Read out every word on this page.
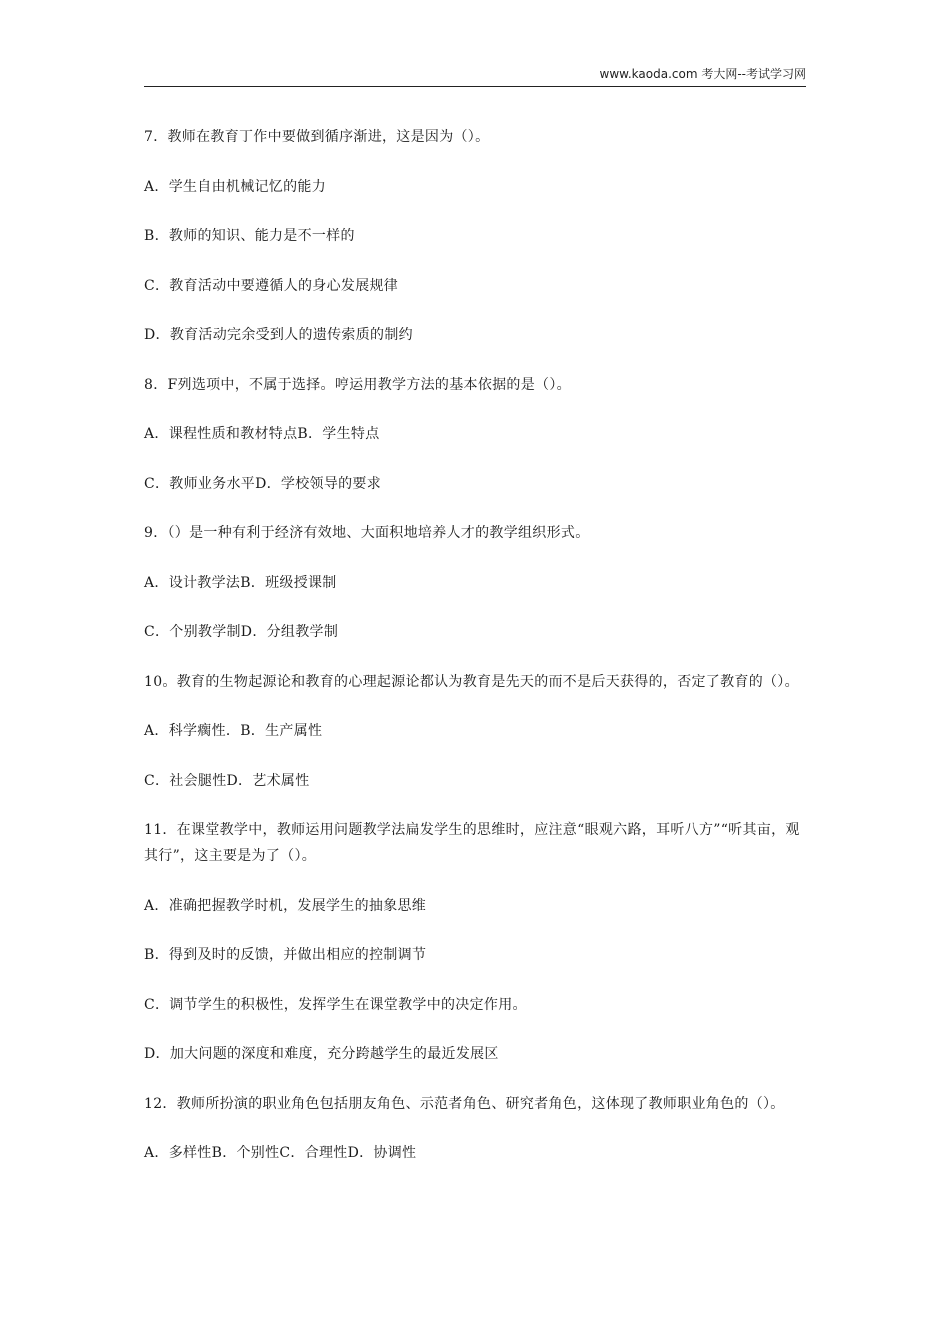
www.kaoda.com 考大网--考试学习网

7．教师在教育丁作中要做到循序渐进，这是因为（）。

A．学生自由机械记忆的能力

B．教师的知识、能力是不一样的

C．教育活动中要遵循人的身心发展规律

D．教育活动完余受到人的遗传索质的制约

8．F列选项中，不属于选择。哼运用教学方法的基本依据的是（）。

A．课程性质和教材特点B．学生特点

C．教师业务水平D．学校领导的要求

9．（）是一种有利于经济有效地、大面积地培养人才的教学组织形式。

A．设计教学法B．班级授课制

C．个别教学制D．分组教学制

10。教育的生物起源论和教育的心理起源论都认为教育是先天的而不是后天获得的，否定了教育的（）。

A．科学瘸性．B．生产属性

C．社会腿性D．艺术属性

11．在课堂教学中，教师运用问题教学法扁发学生的思维时，应注意“眼观六路，耳听八方”“听其亩，观其行”，这主要是为了（）。

A．准确把握教学时机，发展学生的抽象思维

B．得到及时的反馈，并做出相应的控制调节

C．调节学生的积极性，发挥学生在课堂教学中的决定作用。

D．加大问题的深度和难度，充分跨越学生的最近发展区

12．教师所扮演的职业角色包括朋友角色、示范者角色、研究者角色，这体现了教师职业角色的（）。

A．多样性B．个别性C．合理性D．协调性
